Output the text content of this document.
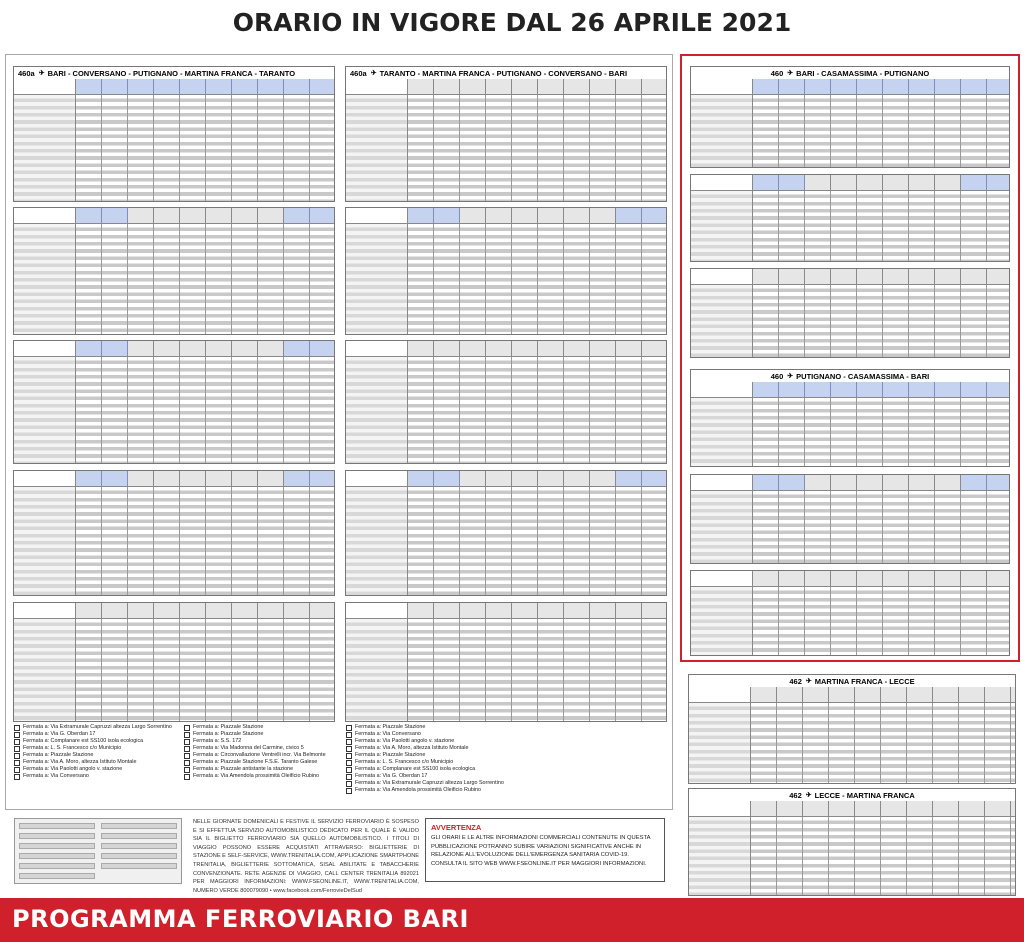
ORARIO IN VIGORE DAL 26 APRILE 2021
460a ✈ BARI - CONVERSANO - PUTIGNANO - MARTINA FRANCA - TARANTO	460a ✈ TARANTO - MARTINA FRANCA - PUTIGNANO - CONVERSANO - BARI
Fermata a: Via Extramurale Capruzzi altezza Largo Sorrentino
Fermata a: Via G. Oberdan 17
Fermata a: Complanare est SS100 isola ecologica
Fermata a: L. S. Francesco c/o Municipio
Fermata a: Piazzale Stazione
Fermata a: Via A. Moro, altezza Istituto Montale
Fermata a: Via Paolotti angolo v. stazione
Fermata a: Via Conversano
Fermata a: Piazzale Stazione
Fermata a: Piazzale Stazione
Fermata a: S.S. 172
Fermata a: Via Madonna del Carmine, civico 5
Fermata a: Circonvallazione Ventrelli incr. Via Belmonte
Fermata a: Piazzale Stazione F.S.E. Taranto Galese
Fermata a: Piazzale antistante la stazione
Fermata a: Via Amendola prossimità Oleificio Rubino
Fermata a: Piazzale Stazione
Fermata a: Via Conversano
Fermata a: Via Paolotti angolo v. stazione
Fermata a: Via A. Moro, altezza Istituto Montale
Fermata a: Piazzale Stazione
Fermata a: L. S. Francesco c/o Municipio
Fermata a: Complanare est SS100 isola ecologica
Fermata a: Via G. Oberdan 17
Fermata a: Via Extramurale Capruzzi altezza Largo Sorrentino
Fermata a: Via Amendola prossimità Oleificio Rubino
460 ✈ BARI - CASAMASSIMA - PUTIGNANO
460 ✈ PUTIGNANO - CASAMASSIMA - BARI
462 ✈ MARTINA FRANCA - LECCE
462 ✈ LECCE - MARTINA FRANCA
NELLE GIORNATE DOMENICALI E FESTIVE IL SERVIZIO FERROVIARIO È SOSPESO E SI EFFETTUA SERVIZIO AUTOMOBILISTICO DEDICATO PER IL QUALE È VALIDO SIA IL BIGLIETTO FERROVIARIO SIA QUELLO AUTOMOBILISTICO. I TITOLI DI VIAGGIO POSSONO ESSERE ACQUISTATI ATTRAVERSO: BIGLIETTERIE DI STAZIONE E SELF-SERVICE, WWW.TRENITALIA.COM, APPLICAZIONE SMARTPHONE TRENITALIA, BIGLIETTERIE SOTTOMATICA, SISAL ABILITATE E TABACCHERIE CONVENZIONATE. RETE AGENZIE DI VIAGGIO, CALL CENTER TRENITALIA 892021 PER MAGGIORI INFORMAZIONI: WWW.FSEONLINE.IT, WWW.TRENITALIA.COM, NUMERO VERDE 800079090 • www.facebook.com/FerrovieDelSud
AVVERTENZA
GLI ORARI E LE ALTRE INFORMAZIONI COMMERCIALI CONTENUTE IN QUESTA PUBBLICAZIONE POTRANNO SUBIRE VARIAZIONI SIGNIFICATIVE ANCHE IN RELAZIONE ALL'EVOLUZIONE DELL'EMERGENZA SANITARIA COVID-19. CONSULTA IL SITO WEB WWW.FSEONLINE.IT PER MAGGIORI INFORMAZIONI.
PROGRAMMA FERROVIARIO BARI
